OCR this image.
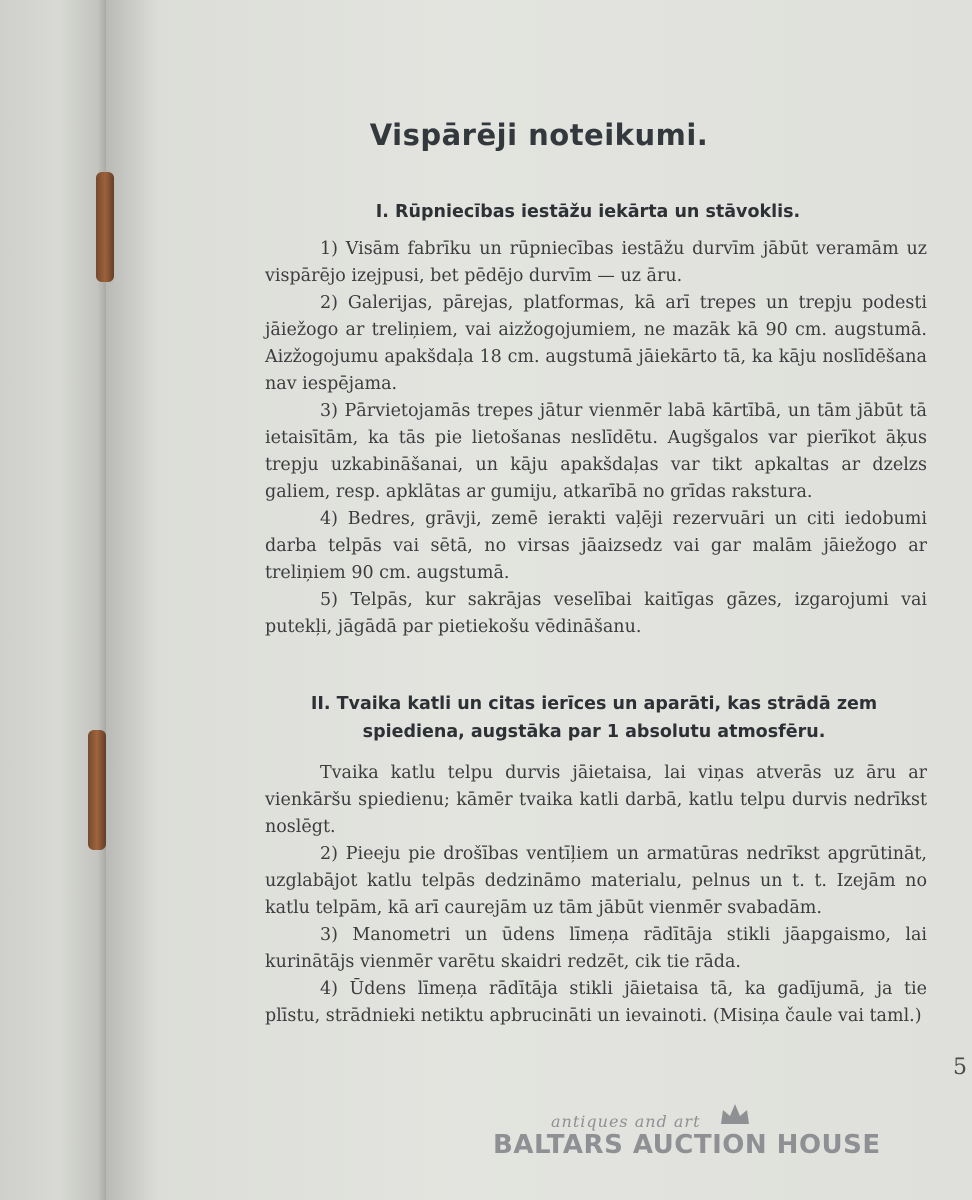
Vispārēji noteikumi.
I. Rūpniecības iestāžu iekārta un stāvoklis.

1) Visām fabrīku un rūpniecības iestāžu durvīm jābūt veramām uz vispārējo izejpusi, bet pēdējo durvīm — uz āru.

2) Galerijas, pārejas, platformas, kā arī trepes un trepju podesti jāiežogo ar treliņiem, vai aizžogojumiem, ne mazāk kā 90 cm. augstumā. Aizžogojumu apakšdaļa 18 cm. augstumā jāiekārto tā, ka kāju noslīdēšana nav iespējama.

3) Pārvietojamās trepes jātur vienmēr labā kārtībā, un tām jābūt tā ietaisītām, ka tās pie lietošanas neslīdētu. Augšgalos var pierīkot āķus trepju uzkabināšanai, un kāju apakšdaļas var tikt apkaltas ar dzelzs galiem, resp. apklātas ar gumiju, atkarībā no grīdas rakstura.

4) Bedres, grāvji, zemē ierakti vaļēji rezervuāri un citi iedobumi darba telpās vai sētā, no virsas jāaizsedz vai gar malām jāiežogo ar treliņiem 90 cm. augstumā.

5) Telpās, kur sakrājas veselībai kaitīgas gāzes, izgarojumi vai putekļi, jāgādā par pietiekošu vēdināšanu.

II. Tvaika katli un citas ierīces un aparāti, kas strādā zem spiediena, augstāka par 1 absolutu atmosfēru.

Tvaika katlu telpu durvis jāietaisa, lai viņas atverās uz āru ar vienkāršu spiedienu; kāmēr tvaika katli darbā, katlu telpu durvis nedrīkst noslēgt.

2) Pieeju pie drošības ventīļiem un armatūras nedrīkst apgrūtināt, uzglabājot katlu telpās dedzināmo materialu, pelnus un t. t. Izejām no katlu telpām, kā arī caurejām uz tām jābūt vienmēr svabadām.

3) Manometri un ūdens līmeņa rādītāja stikli jāapgaismo, lai kurinātājs vienmēr varētu skaidri redzēt, cik tie rāda.

4) Ūdens līmeņa rādītāja stikli jāietaisa tā, ka gadījumā, ja tie plīstu, strādnieki netiktu apbrucināti un ievainoti. (Misiņa čaule vai taml.)

5
antiques and art
BALTARS AUCTION HOUSE
